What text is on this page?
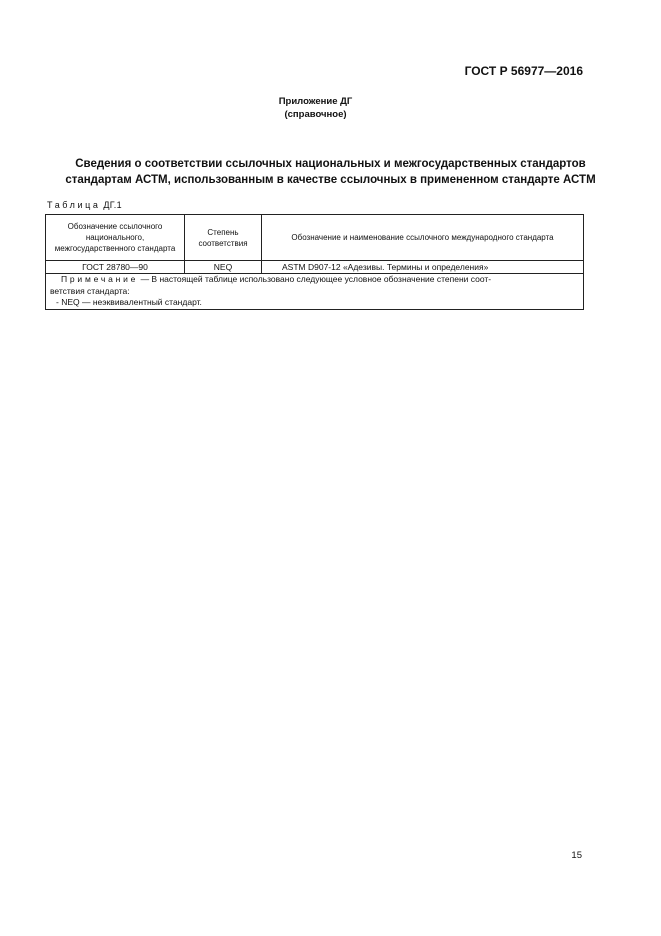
ГОСТ Р 56977—2016
Приложение ДГ
(справочное)
Сведения о соответствии ссылочных национальных и межгосударственных стандартов
стандартам АСТМ, использованным в качестве ссылочных в примененном стандарте АСТМ
Таблица ДГ.1
Обозначение ссылочного национального, межгосударственного стандарта	Степень соответствия	Обозначение и наименование ссылочного международного стандарта
ГОСТ 28780—90	NEQ	ASTM D907-12 «Адезивы. Термины и определения»

Примечание — В настоящей таблице использовано следующее условное обозначение степени соот-
ветствия стандарта:
- NEQ — неэквивалентный стандарт.		
15
